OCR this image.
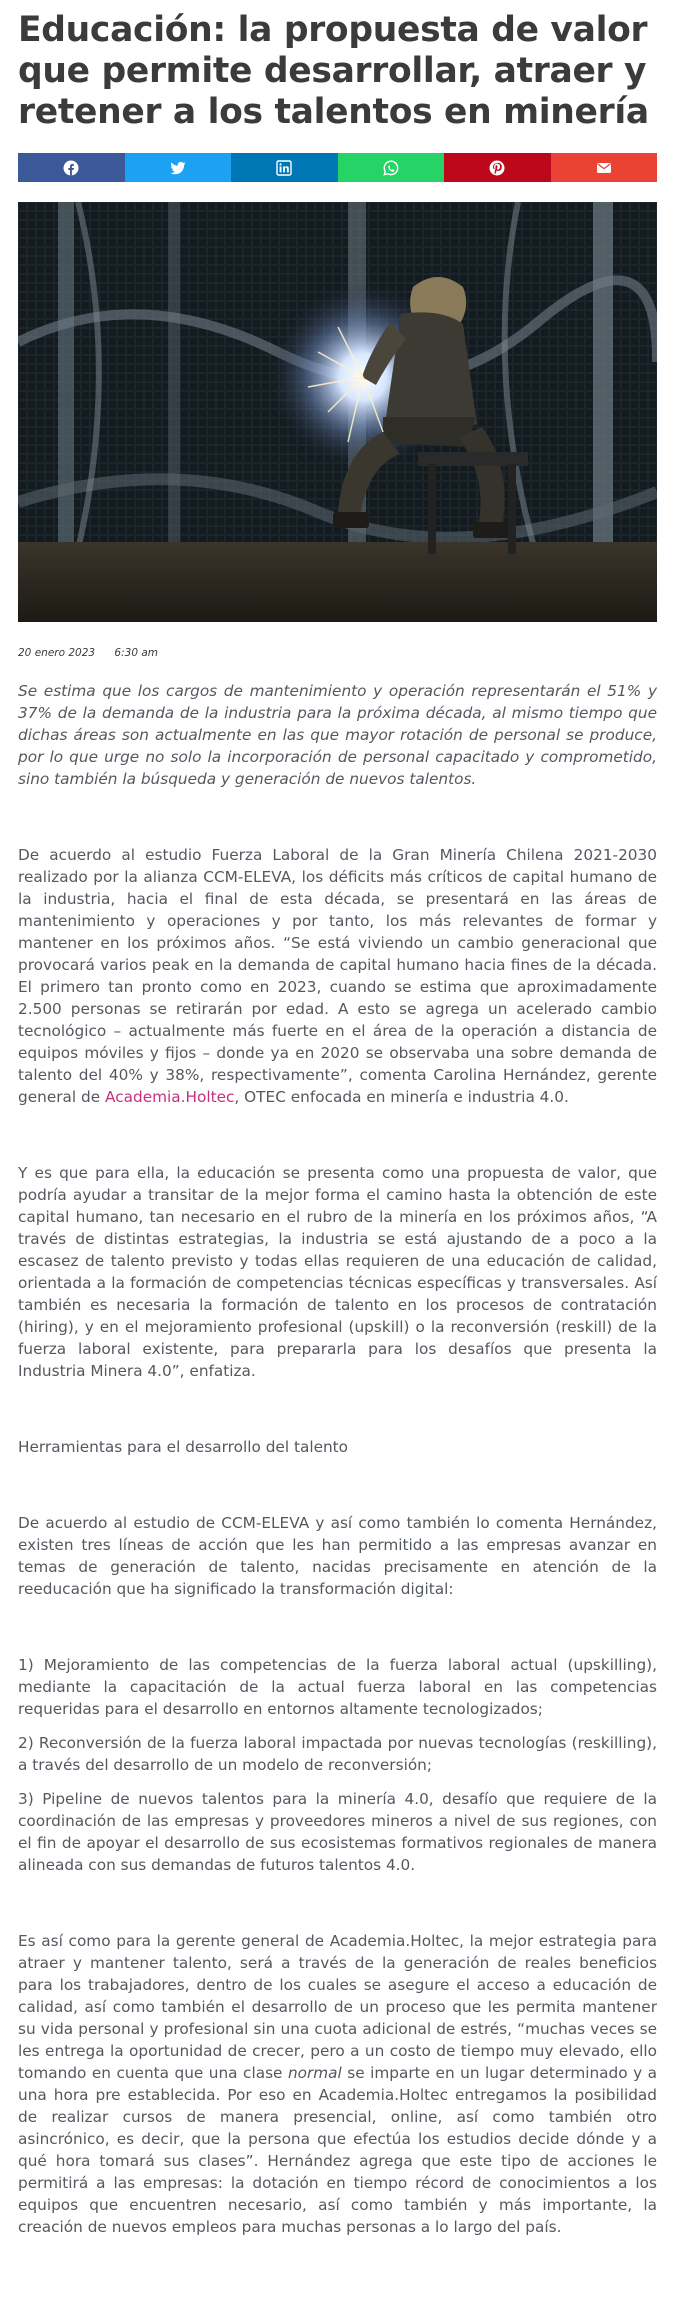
Educación: la propuesta de valor que permite desarrollar, atraer y retener a los talentos en minería
20 enero 2023 6:30 am

Se estima que los cargos de mantenimiento y operación representarán el 51% y 37% de la demanda de la industria para la próxima década, al mismo tiempo que dichas áreas son actualmente en las que mayor rotación de personal se produce, por lo que urge no solo la incorporación de personal capacitado y comprometido, sino también la búsqueda y generación de nuevos talentos.

De acuerdo al estudio Fuerza Laboral de la Gran Minería Chilena 2021-2030 realizado por la alianza CCM-ELEVA, los déficits más críticos de capital humano de la industria, hacia el final de esta década, se presentará en las áreas de mantenimiento y operaciones y por tanto, los más relevantes de formar y mantener en los próximos años. “Se está viviendo un cambio generacional que provocará varios peak en la demanda de capital humano hacia fines de la década. El primero tan pronto como en 2023, cuando se estima que aproximadamente 2.500 personas se retirarán por edad. A esto se agrega un acelerado cambio tecnológico – actualmente más fuerte en el área de la operación a distancia de equipos móviles y fijos – donde ya en 2020 se observaba una sobre demanda de talento del 40% y 38%, respectivamente”, comenta Carolina Hernández, gerente general de Academia.Holtec, OTEC enfocada en minería e industria 4.0.

Y es que para ella, la educación se presenta como una propuesta de valor, que podría ayudar a transitar de la mejor forma el camino hasta la obtención de este capital humano, tan necesario en el rubro de la minería en los próximos años, “A través de distintas estrategias, la industria se está ajustando de a poco a la escasez de talento previsto y todas ellas requieren de una educación de calidad, orientada a la formación de competencias técnicas específicas y transversales. Así también es necesaria la formación de talento en los procesos de contratación (hiring), y en el mejoramiento profesional (upskill) o la reconversión (reskill) de la fuerza laboral existente, para prepararla para los desafíos que presenta la Industria Minera 4.0”, enfatiza.

Herramientas para el desarrollo del talento

De acuerdo al estudio de CCM-ELEVA y así como también lo comenta Hernández, existen tres líneas de acción que les han permitido a las empresas avanzar en temas de generación de talento, nacidas precisamente en atención de la reeducación que ha significado la transformación digital:

1) Mejoramiento de las competencias de la fuerza laboral actual (upskilling), mediante la capacitación de la actual fuerza laboral en las competencias requeridas para el desarrollo en entornos altamente tecnologizados;

2) Reconversión de la fuerza laboral impactada por nuevas tecnologías (reskilling), a través del desarrollo de un modelo de reconversión;

3) Pipeline de nuevos talentos para la minería 4.0, desafío que requiere de la coordinación de las empresas y proveedores mineros a nivel de sus regiones, con el fin de apoyar el desarrollo de sus ecosistemas formativos regionales de manera alineada con sus demandas de futuros talentos 4.0.

Es así como para la gerente general de Academia.Holtec, la mejor estrategia para atraer y mantener talento, será a través de la generación de reales beneficios para los trabajadores, dentro de los cuales se asegure el acceso a educación de calidad, así como también el desarrollo de un proceso que les permita mantener su vida personal y profesional sin una cuota adicional de estrés, “muchas veces se les entrega la oportunidad de crecer, pero a un costo de tiempo muy elevado, ello tomando en cuenta que una clase normal se imparte en un lugar determinado y a una hora pre establecida. Por eso en Academia.Holtec entregamos la posibilidad de realizar cursos de manera presencial, online, así como también otro asincrónico, es decir, que la persona que efectúa los estudios decide dónde y a qué hora tomará sus clases”. Hernández agrega que este tipo de acciones le permitirá a las empresas: la dotación en tiempo récord de conocimientos a los equipos que encuentren necesario, así como también y más importante, la creación de nuevos empleos para muchas personas a lo largo del país.
